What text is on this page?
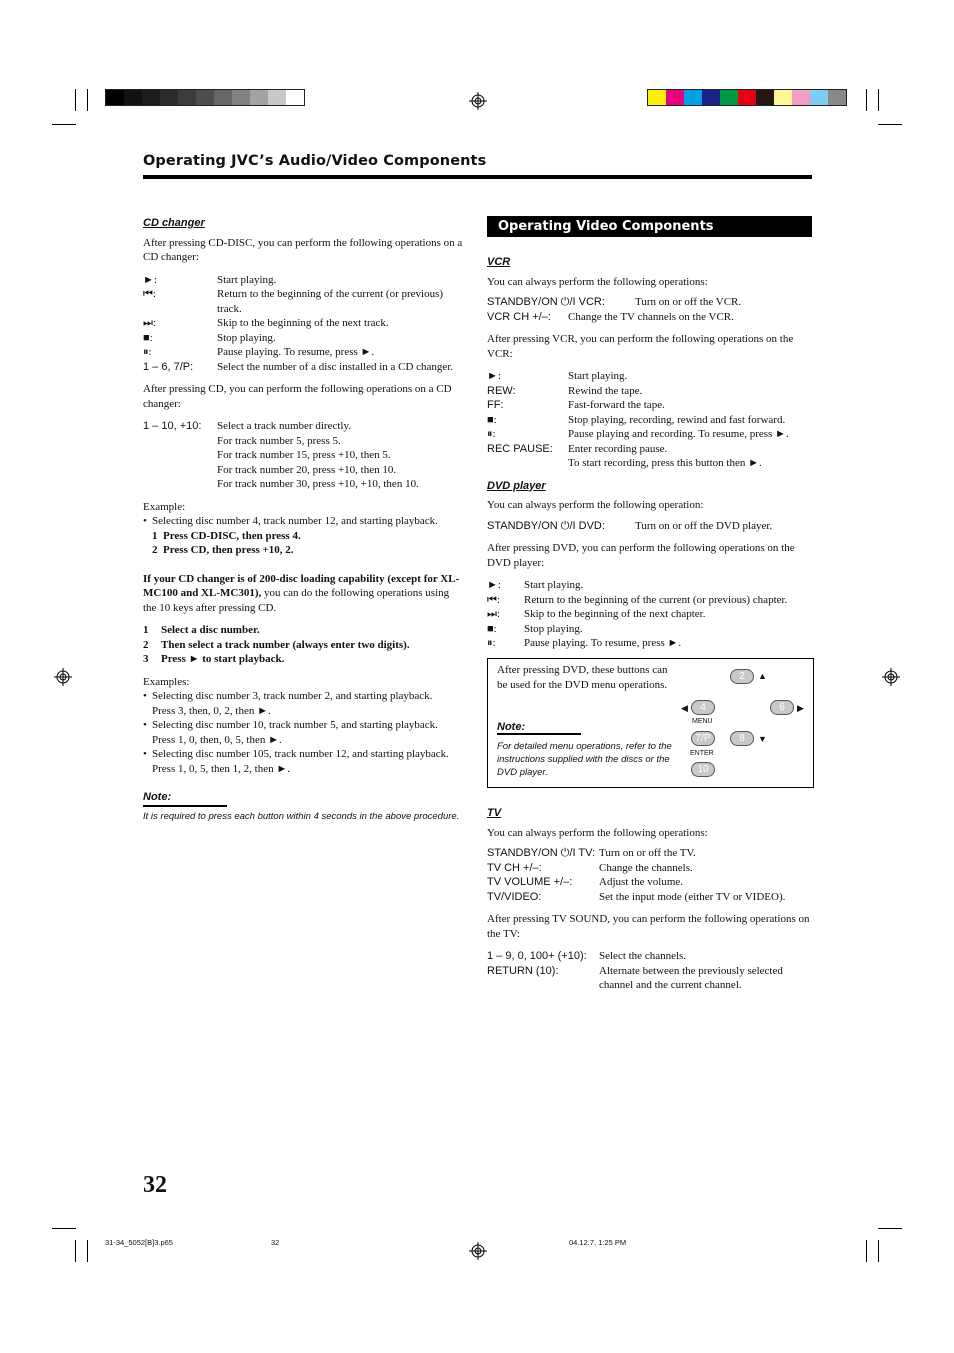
Operating JVC’s Audio/Video Components
CD changer

After pressing CD-DISC, you can perform the following operations on a CD changer:

►:	Start playing.
⏮:	Return to the beginning of the current (or previous) track.
⏭:	Skip to the beginning of the next track.
■:	Stop playing.
⏸:	Pause playing. To resume, press ►.
1 – 6, 7/P:	Select the number of a disc installed in a CD changer.

After pressing CD, you can perform the following operations on a CD changer:

1 – 10, +10:	Select a track number directly.
For track number 5, press 5.
For track number 15, press +10, then 5.
For track number 20, press +10, then 10.
For track number 30, press +10, +10, then 10.

Example:

• Selecting disc number 4, track number 12, and starting playback.
1 Press CD-DISC, then press 4.
2 Press CD, then press +10, 2.

If your CD changer is of 200-disc loading capability (except for XL-MC100 and XL-MC301), you can do the following operations using the 10 keys after pressing CD.

1	Select a disc number.
2	Then select a track number (always enter two digits).
3	Press ► to start playback.

Examples:

• Selecting disc number 3, track number 2, and starting playback.
Press 3, then, 0, 2, then ►.
• Selecting disc number 10, track number 5, and starting playback.
Press 1, 0, then, 0, 5, then ►.
• Selecting disc number 105, track number 12, and starting playback.
Press 1, 0, 5, then 1, 2, then ►.
Note:
It is required to press each button within 4 seconds in the above procedure.
Operating Video Components
VCR

You can always perform the following operations:

STANDBY/ON ⏻/I VCR:	Turn on or off the VCR.
VCR CH +/–:	Change the TV channels on the VCR.

After pressing VCR, you can perform the following operations on the VCR:

►:	Start playing.
REW:	Rewind the tape.
FF:	Fast-forward the tape.
■:	Stop playing, recording, rewind and fast forward.
⏸:	Pause playing and recording. To resume, press ►.
REC PAUSE:	Enter recording pause.
To start recording, press this button then ►.
DVD player

You can always perform the following operation:

STANDBY/ON ⏻/I DVD:	Turn on or off the DVD player.

After pressing DVD, you can perform the following operations on the DVD player:

►:	Start playing.
⏮:	Return to the beginning of the current (or previous) chapter.
⏭:	Skip to the beginning of the next chapter.
■:	Stop playing.
⏸:	Pause playing. To resume, press ►.
After pressing DVD, these buttons can be used for the DVD menu operations.
Note:
For detailed menu operations, refer to the instructions supplied with the discs or the DVD player.
2	▲
◀	4
MENU
6	▶
7/P
ENTER
8	▼
10
TV

You can always perform the following operations:

STANDBY/ON ⏻/I TV: Turn on or off the TV.
TV CH +/–:	Change the channels.
TV VOLUME +/–:	Adjust the volume.
TV/VIDEO:	Set the input mode (either TV or VIDEO).

After pressing TV SOUND, you can perform the following operations on the TV:

1 – 9, 0, 100+ (+10):	Select the channels.
RETURN (10):	Alternate between the previously selected channel and the current channel.
32
31-34_5052[B]3.p65	32	04.12.7, 1:25 PM
